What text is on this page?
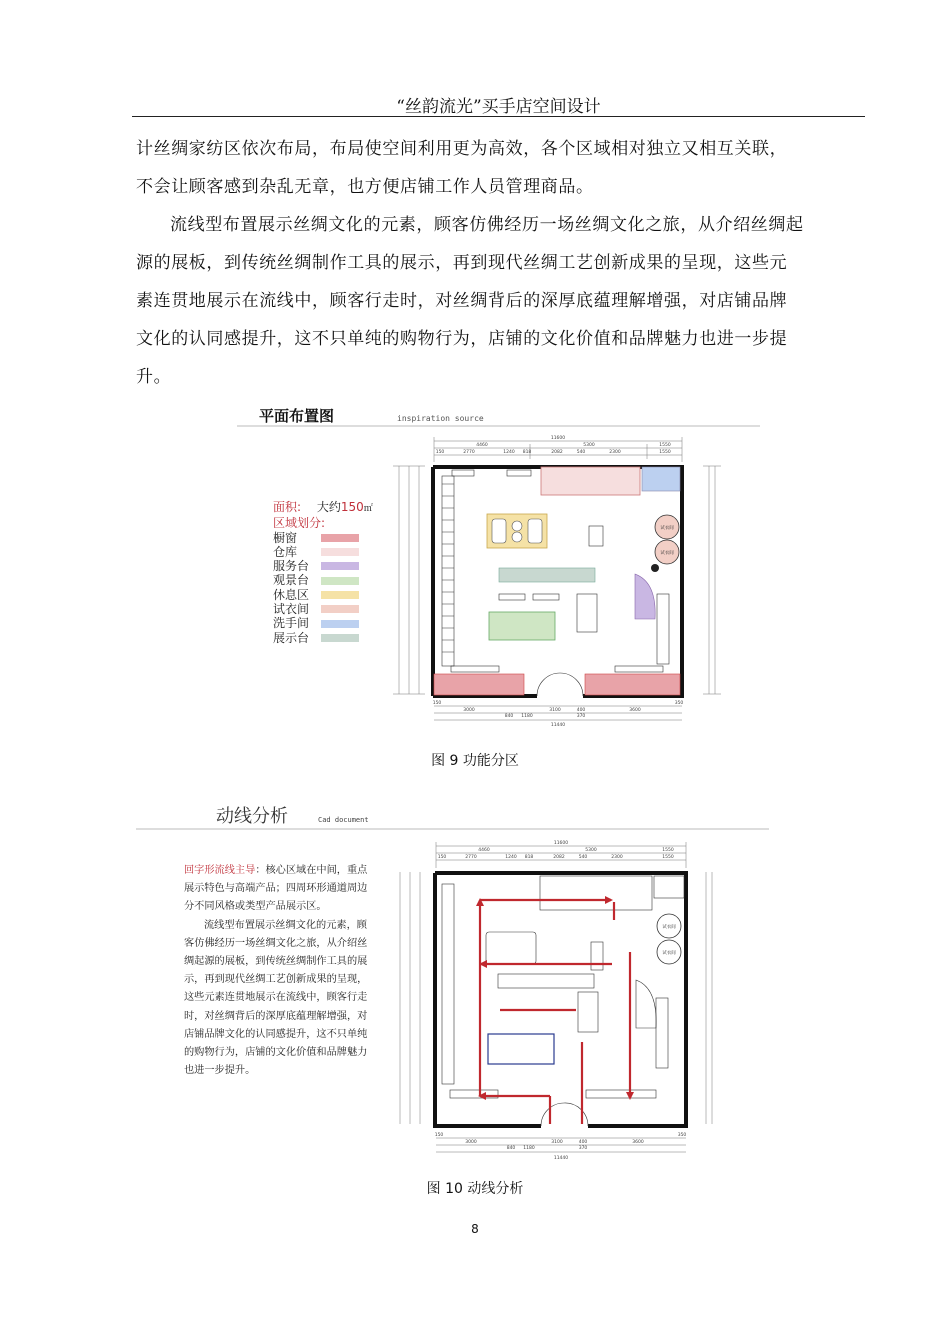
“丝韵流光”买手店空间设计
计丝绸家纺区依次布局，布局使空间利用更为高效，各个区域相对独立又相互关联，
不会让顾客感到杂乱无章，也方便店铺工作人员管理商品。
流线型布置展示丝绸文化的元素，顾客仿佛经历一场丝绸文化之旅，从介绍丝绸起
源的展板，到传统丝绸制作工具的展示，再到现代丝绸工艺创新成果的呈现，这些元
素连贯地展示在流线中，顾客行走时，对丝绸背后的深厚底蕴理解增强，对店铺品牌
文化的认同感提升，这不只单纯的购物行为，店铺的文化价值和品牌魅力也进一步提
升。
平面布置图	inspiration source
11600
4460	5300	1550
150	2770	1240 818	2082	540	2300	1550
试衣间
试衣间
11440
150
3000
840 1180
3100	400
370
3600
350
面积: 大约150㎡
区域划分:
橱窗
仓库
服务台
观景台
休息区
试衣间
洗手间
展示台
图 9 功能分区
动线分析	Cad document
11600
4460	5300	1550
150	2770	1240 818	2082	540	2300	1550
试衣间
试衣间
11440
150
3000
840 1180
3100	400
370
3600
350

回字形流线主导：核心区域在中间，重点展示特色与高端产品；四周环形通道周边分不同风格或类型产品展示区。

流线型布置展示丝绸文化的元素，顾客仿佛经历一场丝绸文化之旅，从介绍丝绸起源的展板，到传统丝绸制作工具的展示，再到现代丝绸工艺创新成果的呈现，这些元素连贯地展示在流线中，顾客行走时，对丝绸背后的深厚底蕴理解增强，对店铺品牌文化的认同感提升，这不只单纯的购物行为，店铺的文化价值和品牌魅力也进一步提升。

图 10 动线分析
8
